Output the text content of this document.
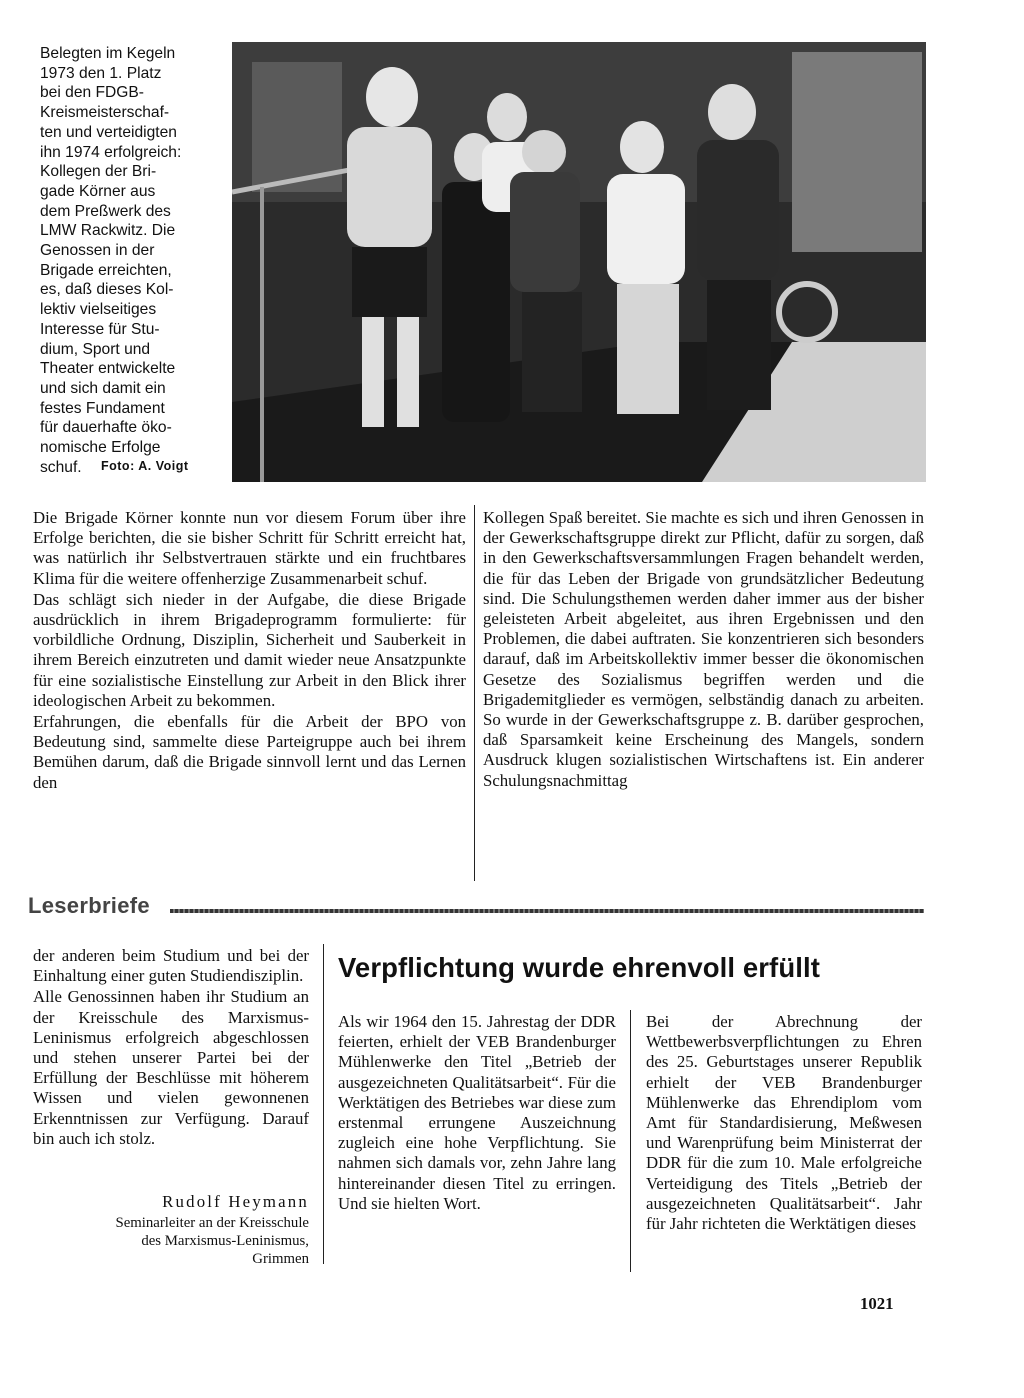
Belegten im Kegeln
1973 den 1. Platz
bei den FDGB-
Kreismeisterschaf-
ten und verteidigten
ihn 1974 erfolgreich:
Kollegen der Bri-
gade Körner aus
dem Preßwerk des
LMW Rackwitz. Die
Genossen in der
Brigade erreichten,
es, daß dieses Kol-
lektiv vielseitiges
Interesse für Stu-
dium, Sport und
Theater entwickelte
und sich damit ein
festes Fundament
für dauerhafte öko-
nomische Erfolge
schuf.	Foto: A. Voigt

Die Brigade Körner konnte nun vor diesem Forum über ihre Erfolge berichten, die sie bisher Schritt für Schritt erreicht hat, was natürlich ihr Selbstvertrauen stärkte und ein fruchtbares Klima für die weitere offenherzige Zusammenarbeit schuf.

Das schlägt sich nieder in der Aufgabe, die diese Brigade ausdrücklich in ihrem Brigadeprogramm formulierte: für vorbildliche Ordnung, Disziplin, Sicherheit und Sauberkeit in ihrem Bereich einzutreten und damit wieder neue Ansatzpunkte für eine sozialistische Einstellung zur Arbeit in den Blick ihrer ideologischen Arbeit zu bekommen.

Erfahrungen, die ebenfalls für die Arbeit der BPO von Bedeutung sind, sammelte diese Parteigruppe auch bei ihrem Bemühen darum, daß die Brigade sinnvoll lernt und das Lernen den

Kollegen Spaß bereitet. Sie machte es sich und ihren Genossen in der Gewerkschaftsgruppe direkt zur Pflicht, dafür zu sorgen, daß in den Gewerkschaftsversammlungen Fragen behandelt werden, die für das Leben der Brigade von grundsätzlicher Bedeutung sind. Die Schulungsthemen werden daher immer aus der bisher geleisteten Arbeit abgeleitet, aus ihren Ergebnissen und den Problemen, die dabei auftraten. Sie konzentrieren sich besonders darauf, daß im Arbeitskollektiv immer besser die ökonomischen Gesetze des Sozialismus begriffen werden und die Brigademitglieder es vermögen, selbständig danach zu arbeiten. So wurde in der Gewerkschaftsgruppe z. B. darüber gesprochen, daß Sparsamkeit keine Erscheinung des Mangels, sondern Ausdruck klugen sozialistischen Wirtschaftens ist. Ein anderer Schulungsnachmittag

Leserbriefe

der anderen beim Studium und bei der Einhaltung einer guten Studiendisziplin.

Alle Genossinnen haben ihr Studium an der Kreisschule des Marxismus-Leninismus erfolgreich abgeschlossen und stehen unserer Partei bei der Erfüllung der Beschlüsse mit höherem Wissen und vielen gewonnenen Erkenntnissen zur Verfügung. Darauf bin auch ich stolz.

Rudolf Heymann
Seminarleiter an der Kreisschule
des Marxismus-Leninismus,
Grimmen
Verpflichtung wurde ehrenvoll erfüllt

Als wir 1964 den 15. Jahrestag der DDR feierten, erhielt der VEB Brandenburger Mühlenwerke den Titel „Betrieb der ausgezeichneten Qualitätsarbeit“. Für die Werktätigen des Betriebes war diese zum erstenmal errungene Auszeichnung zugleich eine hohe Verpflichtung. Sie nahmen sich damals vor, zehn Jahre lang hintereinander diesen Titel zu erringen. Und sie hielten Wort.

Bei der Abrechnung der Wettbewerbsverpflichtungen zu Ehren des 25. Geburtstages unserer Republik erhielt der VEB Brandenburger Mühlenwerke das Ehrendiplom vom Amt für Standardisierung, Meßwesen und Warenprüfung beim Ministerrat der DDR für die zum 10. Male erfolgreiche Verteidigung des Titels „Betrieb der ausgezeichneten Qualitätsarbeit“. Jahr für Jahr richteten die Werktätigen dieses

1021
